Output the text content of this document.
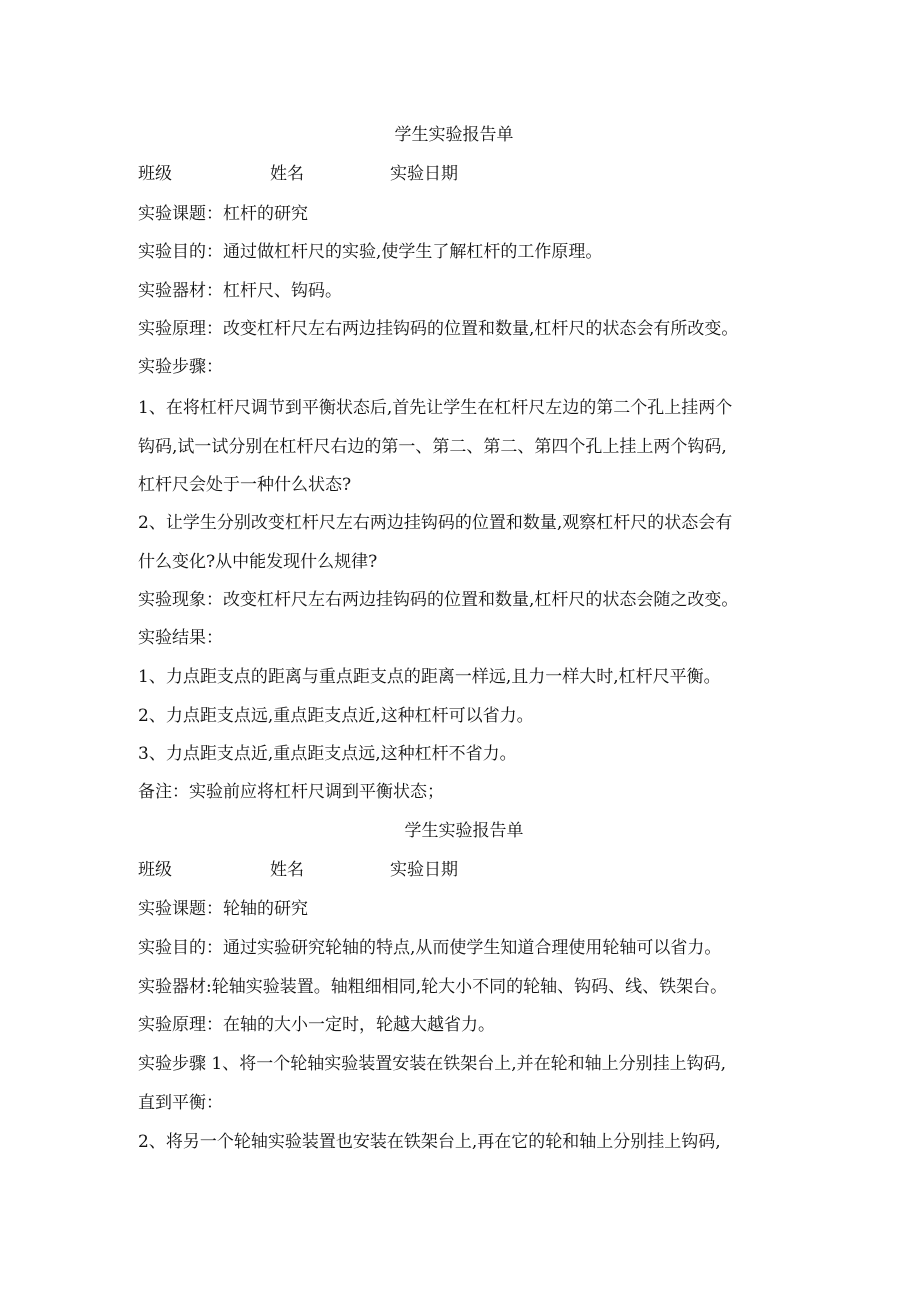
学生实验报告单
班级	姓名	实验日期
实验课题：杠杆的研究
实验目的：通过做杠杆尺的实验,使学生了解杠杆的工作原理。
实验器材：杠杆尺、钩码。
实验原理：改变杠杆尺左右两边挂钩码的位置和数量,杠杆尺的状态会有所改变。
实验步骤：
1、在将杠杆尺调节到平衡状态后,首先让学生在杠杆尺左边的第二个孔上挂两个
钩码,试一试分别在杠杆尺右边的第一、第二、第二、第四个孔上挂上两个钩码,
杠杆尺会处于一种什么状态?
2、让学生分别改变杠杆尺左右两边挂钩码的位置和数量,观察杠杆尺的状态会有
什么变化?从中能发现什么规律?
实验现象：改变杠杆尺左右两边挂钩码的位置和数量,杠杆尺的状态会随之改变。
实验结果：
1、力点距支点的距离与重点距支点的距离一样远,且力一样大时,杠杆尺平衡。
2、力点距支点远,重点距支点近,这种杠杆可以省力。
3、力点距支点近,重点距支点远,这种杠杆不省力。
备注：实验前应将杠杆尺调到平衡状态；
学生实验报告单
班级	姓名	实验日期
实验课题：轮轴的研究
实验目的：通过实验研究轮轴的特点,从而使学生知道合理使用轮轴可以省力。
实验器材:轮轴实验装置。轴粗细相同,轮大小不同的轮轴、钩码、线、铁架台。
实验原理：在轴的大小一定时，轮越大越省力。
实验步骤 1、将一个轮轴实验装置安装在铁架台上,并在轮和轴上分别挂上钩码,
直到平衡：
2、将另一个轮轴实验装置也安装在铁架台上,再在它的轮和轴上分别挂上钩码,
